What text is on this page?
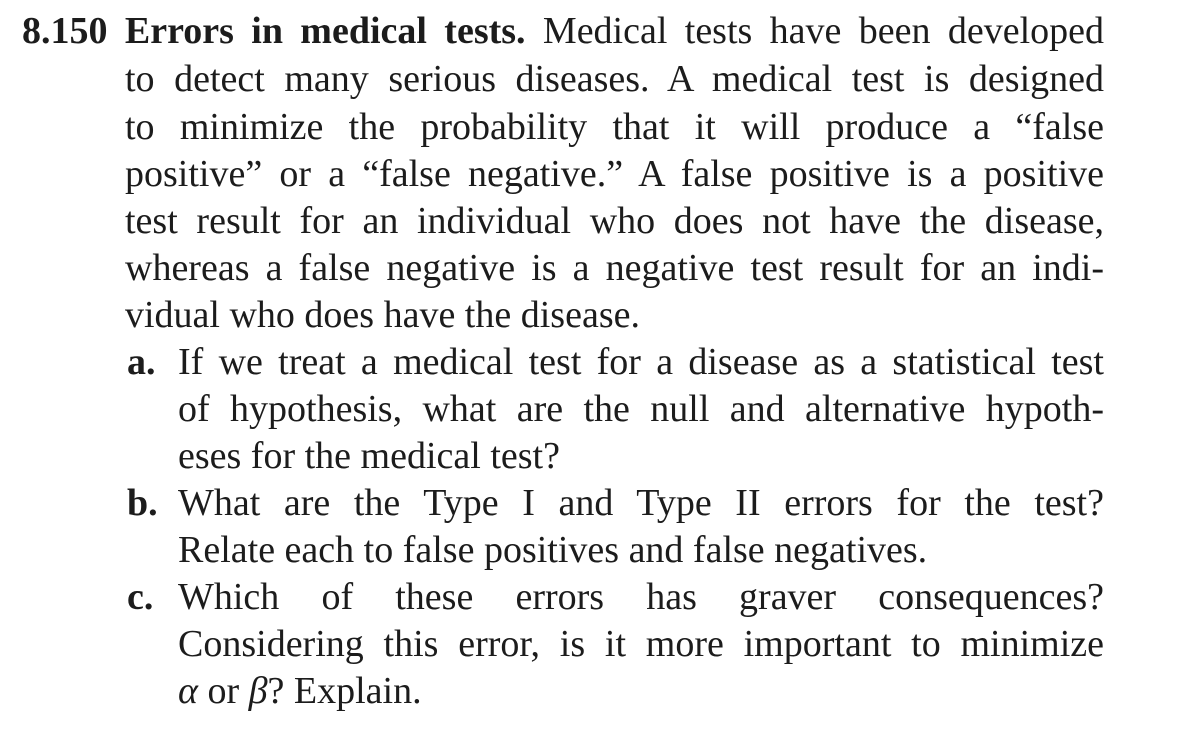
8.150 Errors in medical tests. Medical tests have been developed
to detect many serious diseases. A medical test is designed
to minimize the probability that it will produce a “false
positive” or a “false negative.” A false positive is a positive
test result for an individual who does not have the disease,
whereas a false negative is a negative test result for an indi-
vidual who does have the disease.
a. If we treat a medical test for a disease as a statistical test
of hypothesis, what are the null and alternative hypoth-
eses for the medical test?
b. What are the Type I and Type II errors for the test?
Relate each to false positives and false negatives.
c. Which of these errors has graver consequences?
Considering this error, is it more important to minimize
α or β? Explain.
